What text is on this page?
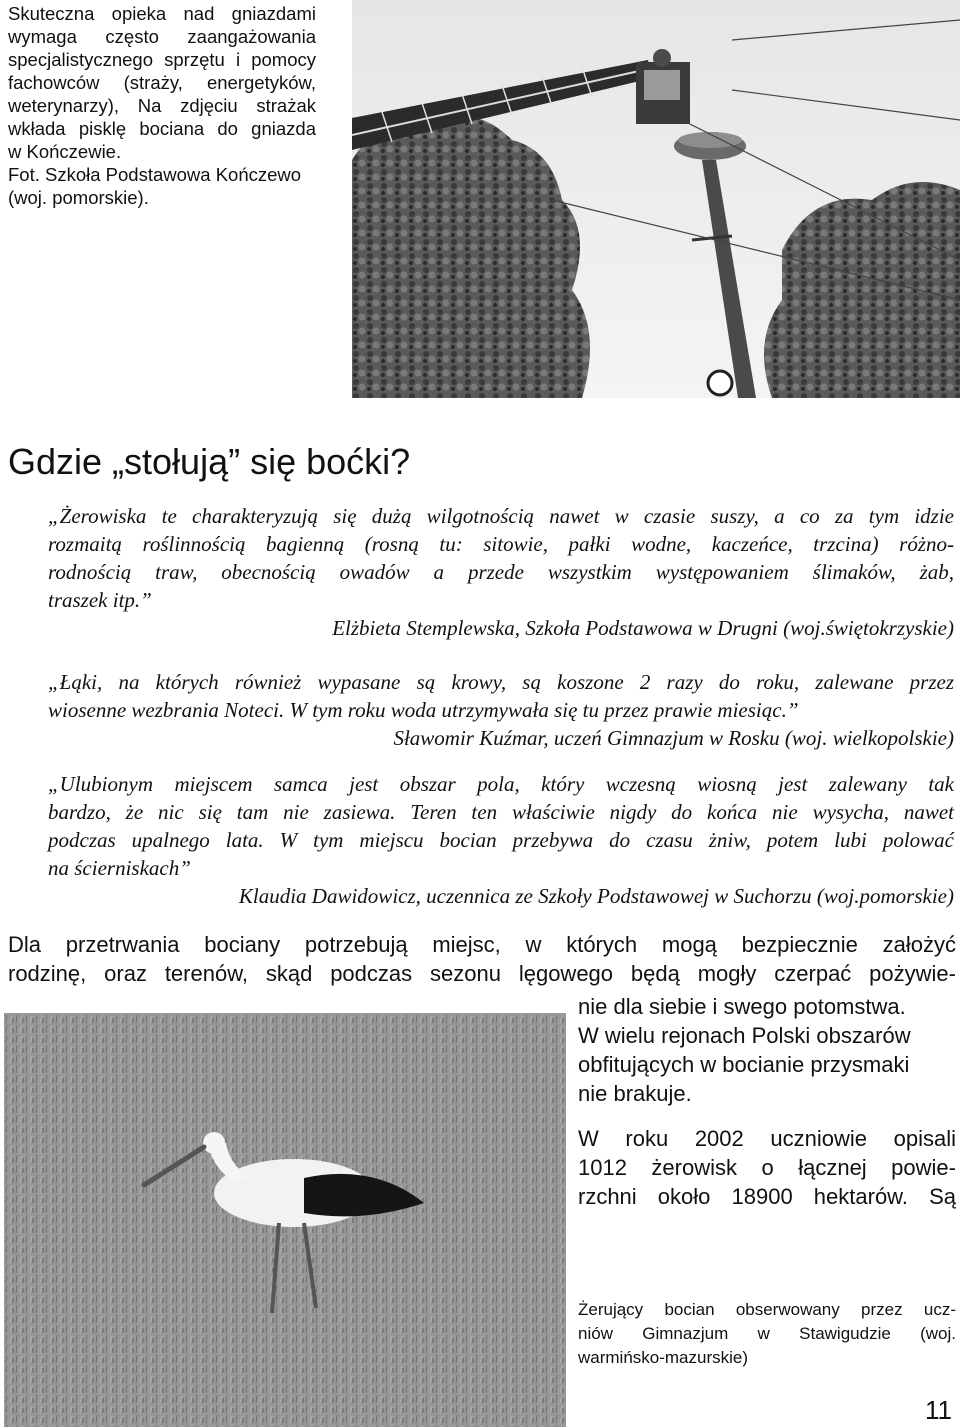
Skuteczna opieka nad gniazdami
wymaga często zaangażowania
specjalistycznego sprzętu i pomocy
fachowców (straży, energetyków,
weterynarzy), Na zdjęciu strażak
wkłada pisklę bociana do gniazda
w Kończewie.
Fot. Szkoła Podstawowa Kończewo
(woj. pomorskie).
Gdzie „stołują” się boćki?
„Żerowiska te charakteryzują się dużą wilgotnością nawet w czasie suszy, a co za tym idzie
rozmaitą roślinnością bagienną (rosną tu: sitowie, pałki wodne, kaczeńce, trzcina) różno-
rodnością traw, obecnością owadów a przede wszystkim występowaniem ślimaków, żab,
traszek itp.”
Elżbieta Stemplewska, Szkoła Podstawowa w Drugni (woj.świętokrzyskie)
„Łąki, na których również wypasane są krowy, są koszone 2 razy do roku, zalewane przez
wiosenne wezbrania Noteci. W tym roku woda utrzymywała się tu przez prawie miesiąc.”
Sławomir Kuźmar, uczeń Gimnazjum w Rosku (woj. wielkopolskie)
„Ulubionym miejscem samca jest obszar pola, który wczesną wiosną jest zalewany tak
bardzo, że nic się tam nie zasiewa. Teren ten właściwie nigdy do końca nie wysycha, nawet
podczas upalnego lata. W tym miejscu bocian przebywa do czasu żniw, potem lubi polować
na ścierniskach”
Klaudia Dawidowicz, uczennica ze Szkoły Podstawowej w Suchorzu (woj.pomorskie)
Dla przetrwania bociany potrzebują miejsc, w których mogą bezpiecznie założyć
rodzinę, oraz terenów, skąd podczas sezonu lęgowego będą mogły czerpać pożywie-
nie dla siebie i swego potomstwa.
W wielu rejonach Polski obszarów
obfitujących w bocianie przysmaki
nie brakuje.
W roku 2002 uczniowie opisali
1012 żerowisk o łącznej powie-
rzchni około 18900 hektarów. Są
Żerujący bocian obserwowany przez ucz-
niów Gimnazjum w Stawigudzie (woj.
warmińsko-mazurskie)
11
